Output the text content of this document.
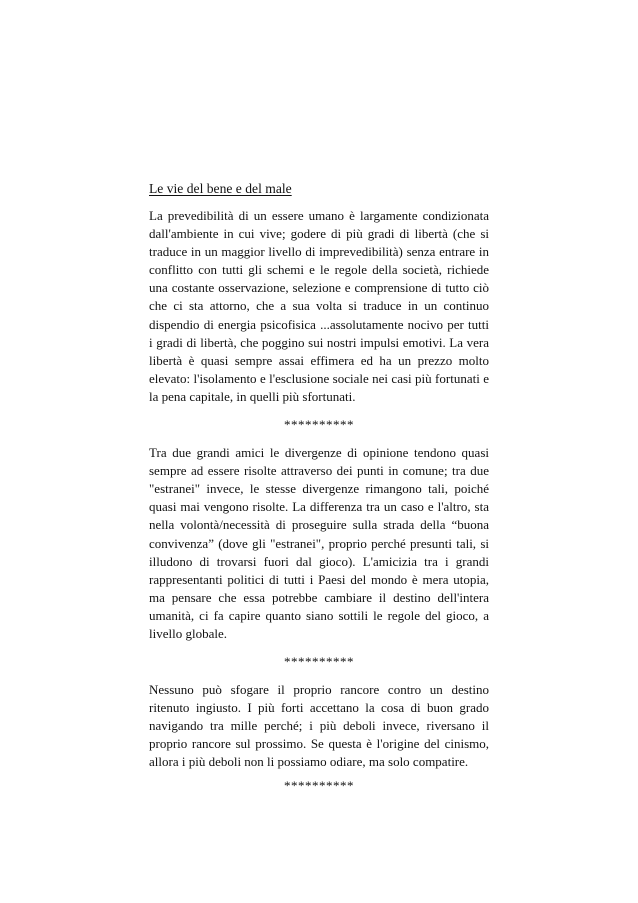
Le vie del bene e del male

La prevedibilità di un essere umano è largamente condizionata dall'ambiente in cui vive; godere di più gradi di libertà (che si traduce in un maggior livello di imprevedibilità) senza entrare in conflitto con tutti gli schemi e le regole della società, richiede una costante osservazione, selezione e comprensione di tutto ciò che ci sta attorno, che a sua volta si traduce in un continuo dispendio di energia psicofisica ...assolutamente nocivo per tutti i gradi di libertà, che poggino sui nostri impulsi emotivi. La vera libertà è quasi sempre assai effimera ed ha un prezzo molto elevato: l'isolamento e l'esclusione sociale nei casi più fortunati e la pena capitale, in quelli più sfortunati.

**********

Tra due grandi amici le divergenze di opinione tendono quasi sempre ad essere risolte attraverso dei punti in comune; tra due "estranei" invece, le stesse divergenze rimangono tali, poiché quasi mai vengono risolte. La differenza tra un caso e l'altro, sta nella volontà/necessità di proseguire sulla strada della “buona convivenza” (dove gli "estranei", proprio perché presunti tali, si illudono di trovarsi fuori dal gioco). L'amicizia tra i grandi rappresentanti politici di tutti i Paesi del mondo è mera utopia, ma pensare che essa potrebbe cambiare il destino dell'intera umanità, ci fa capire quanto siano sottili le regole del gioco, a livello globale.

**********

Nessuno può sfogare il proprio rancore contro un destino ritenuto ingiusto. I più forti accettano la cosa di buon grado navigando tra mille perché; i più deboli invece, riversano il proprio rancore sul prossimo. Se questa è l'origine del cinismo, allora i più deboli non li possiamo odiare, ma solo compatire.

**********
